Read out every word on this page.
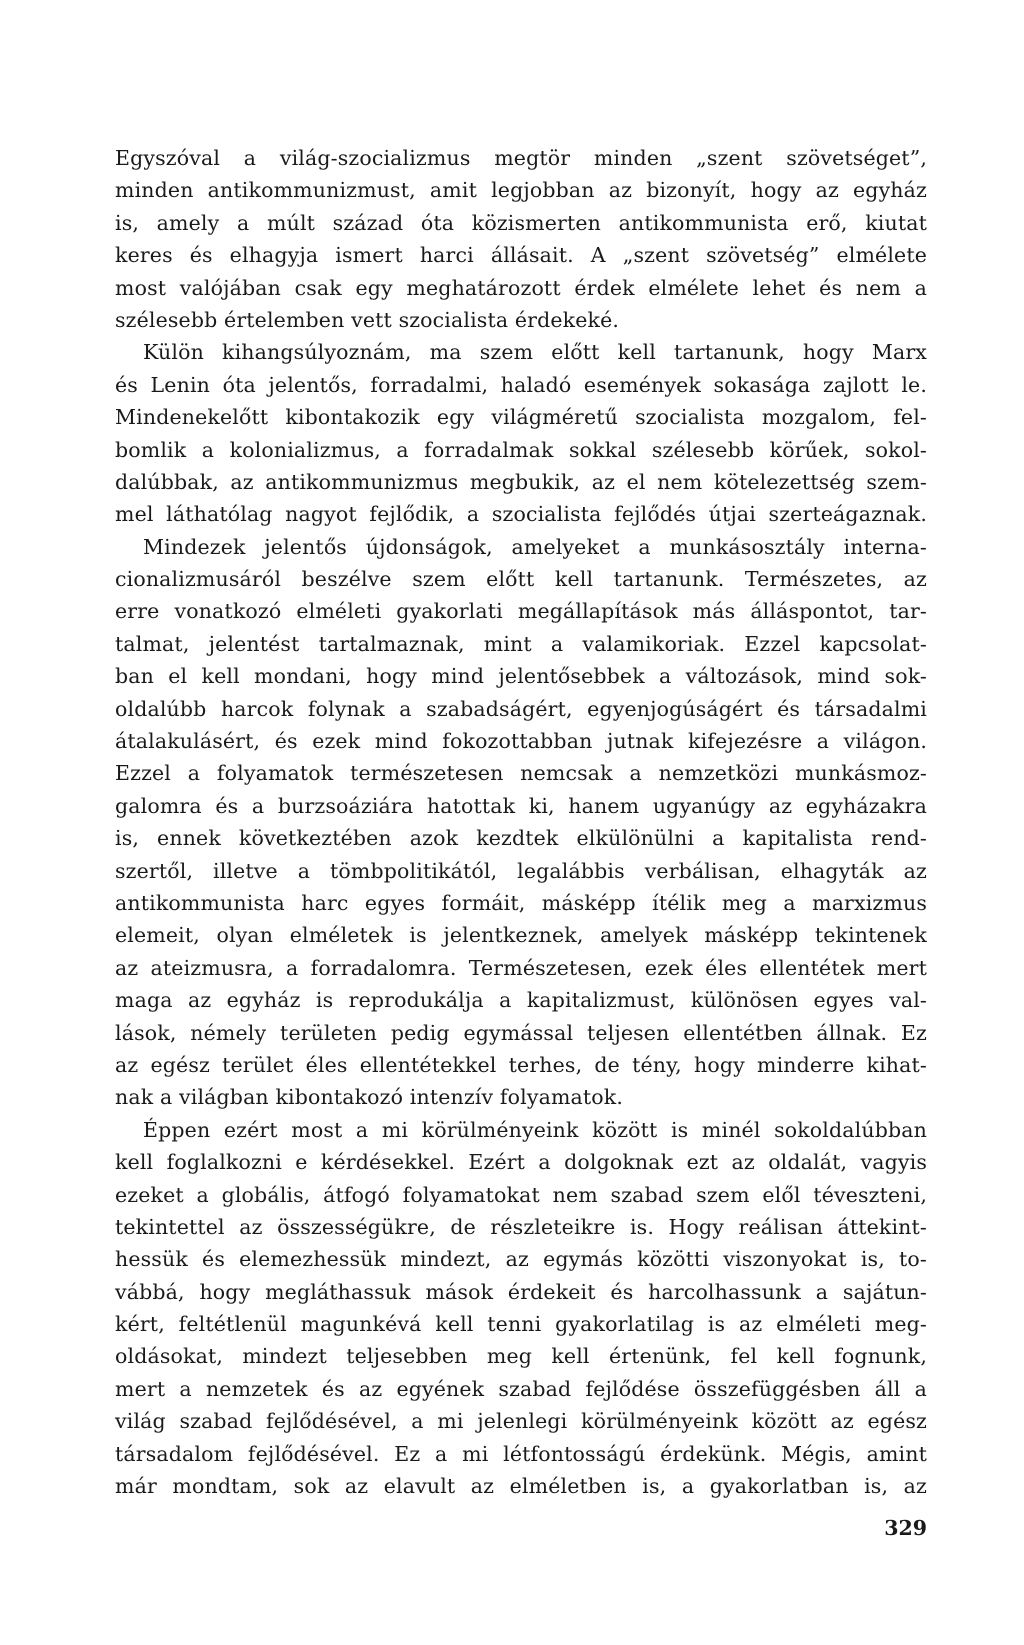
Egyszóval a világ-szocializmus megtör minden „szent szövetséget”,
minden antikommunizmust, amit legjobban az bizonyít, hogy az egyház
is, amely a múlt század óta közismerten antikommunista erő, kiutat
keres és elhagyja ismert harci állásait. A „szent szövetség” elmélete
most valójában csak egy meghatározott érdek elmélete lehet és nem a
szélesebb értelemben vett szocialista érdekeké.
Külön kihangsúlyoznám, ma szem előtt kell tartanunk, hogy Marx
és Lenin óta jelentős, forradalmi, haladó események sokasága zajlott le.
Mindenekelőtt kibontakozik egy világméretű szocialista mozgalom, fel-
bomlik a kolonializmus, a forradalmak sokkal szélesebb körűek, sokol-
dalúbbak, az antikommunizmus megbukik, az el nem kötelezettség szem-
mel láthatólag nagyot fejlődik, a szocialista fejlődés útjai szerteágaznak.
Mindezek jelentős újdonságok, amelyeket a munkásosztály interna-
cionalizmusáról beszélve szem előtt kell tartanunk. Természetes, az
erre vonatkozó elméleti gyakorlati megállapítások más álláspontot, tar-
talmat, jelentést tartalmaznak, mint a valamikoriak. Ezzel kapcsolat-
ban el kell mondani, hogy mind jelentősebbek a változások, mind sok-
oldalúbb harcok folynak a szabadságért, egyenjogúságért és társadalmi
átalakulásért, és ezek mind fokozottabban jutnak kifejezésre a világon.
Ezzel a folyamatok természetesen nemcsak a nemzetközi munkásmoz-
galomra és a burzsoáziára hatottak ki, hanem ugyanúgy az egyházakra
is, ennek következtében azok kezdtek elkülönülni a kapitalista rend-
szertől, illetve a tömbpolitikától, legalábbis verbálisan, elhagyták az
antikommunista harc egyes formáit, másképp ítélik meg a marxizmus
elemeit, olyan elméletek is jelentkeznek, amelyek másképp tekintenek
az ateizmusra, a forradalomra. Természetesen, ezek éles ellentétek mert
maga az egyház is reprodukálja a kapitalizmust, különösen egyes val-
lások, némely területen pedig egymással teljesen ellentétben állnak. Ez
az egész terület éles ellentétekkel terhes, de tény, hogy minderre kihat-
nak a világban kibontakozó intenzív folyamatok.
Éppen ezért most a mi körülményeink között is minél sokoldalúbban
kell foglalkozni e kérdésekkel. Ezért a dolgoknak ezt az oldalát, vagyis
ezeket a globális, átfogó folyamatokat nem szabad szem elől téveszteni,
tekintettel az összességükre, de részleteikre is. Hogy reálisan áttekint-
hessük és elemezhessük mindezt, az egymás közötti viszonyokat is, to-
vábbá, hogy megláthassuk mások érdekeit és harcolhassunk a sajátun-
kért, feltétlenül magunkévá kell tenni gyakorlatilag is az elméleti meg-
oldásokat, mindezt teljesebben meg kell értenünk, fel kell fognunk,
mert a nemzetek és az egyének szabad fejlődése összefüggésben áll a
világ szabad fejlődésével, a mi jelenlegi körülményeink között az egész
társadalom fejlődésével. Ez a mi létfontosságú érdekünk. Mégis, amint
már mondtam, sok az elavult az elméletben is, a gyakorlatban is, az
329
